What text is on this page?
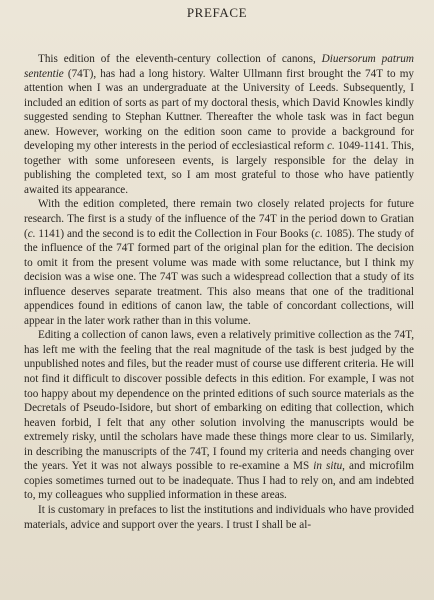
PREFACE

This edition of the eleventh-century collection of canons, Diuersorum patrum sententie (74T), has had a long history. Walter Ullmann first brought the 74T to my attention when I was an undergraduate at the University of Leeds. Subsequently, I included an edition of sorts as part of my doctoral thesis, which David Knowles kindly suggested sending to Stephan Kuttner. Thereafter the whole task was in fact begun anew. However, working on the edition soon came to provide a background for developing my other interests in the period of ecclesiastical reform c. 1049-1141. This, together with some unforeseen events, is largely responsible for the delay in publishing the completed text, so I am most grateful to those who have patiently awaited its appearance.

With the edition completed, there remain two closely related projects for future research. The first is a study of the influence of the 74T in the period down to Gratian (c. 1141) and the second is to edit the Collection in Four Books (c. 1085). The study of the influence of the 74T formed part of the original plan for the edition. The decision to omit it from the present volume was made with some reluctance, but I think my decision was a wise one. The 74T was such a widespread collection that a study of its influence deserves separate treatment. This also means that one of the traditional appendices found in editions of canon law, the table of concordant collections, will appear in the later work rather than in this volume.

Editing a collection of canon laws, even a relatively primitive collection as the 74T, has left me with the feeling that the real magnitude of the task is best judged by the unpublished notes and files, but the reader must of course use different criteria. He will not find it difficult to discover possible defects in this edition. For example, I was not too happy about my dependence on the printed editions of such source materials as the Decretals of Pseudo-Isidore, but short of embarking on editing that collection, which heaven forbid, I felt that any other solution involving the manuscripts would be extremely risky, until the scholars have made these things more clear to us. Similarly, in describing the manuscripts of the 74T, I found my criteria and needs changing over the years. Yet it was not always possible to re-examine a MS in situ, and microfilm copies sometimes turned out to be inadequate. Thus I had to rely on, and am indebted to, my colleagues who supplied information in these areas.

It is customary in prefaces to list the institutions and individuals who have provided materials, advice and support over the years. I trust I shall be al-
